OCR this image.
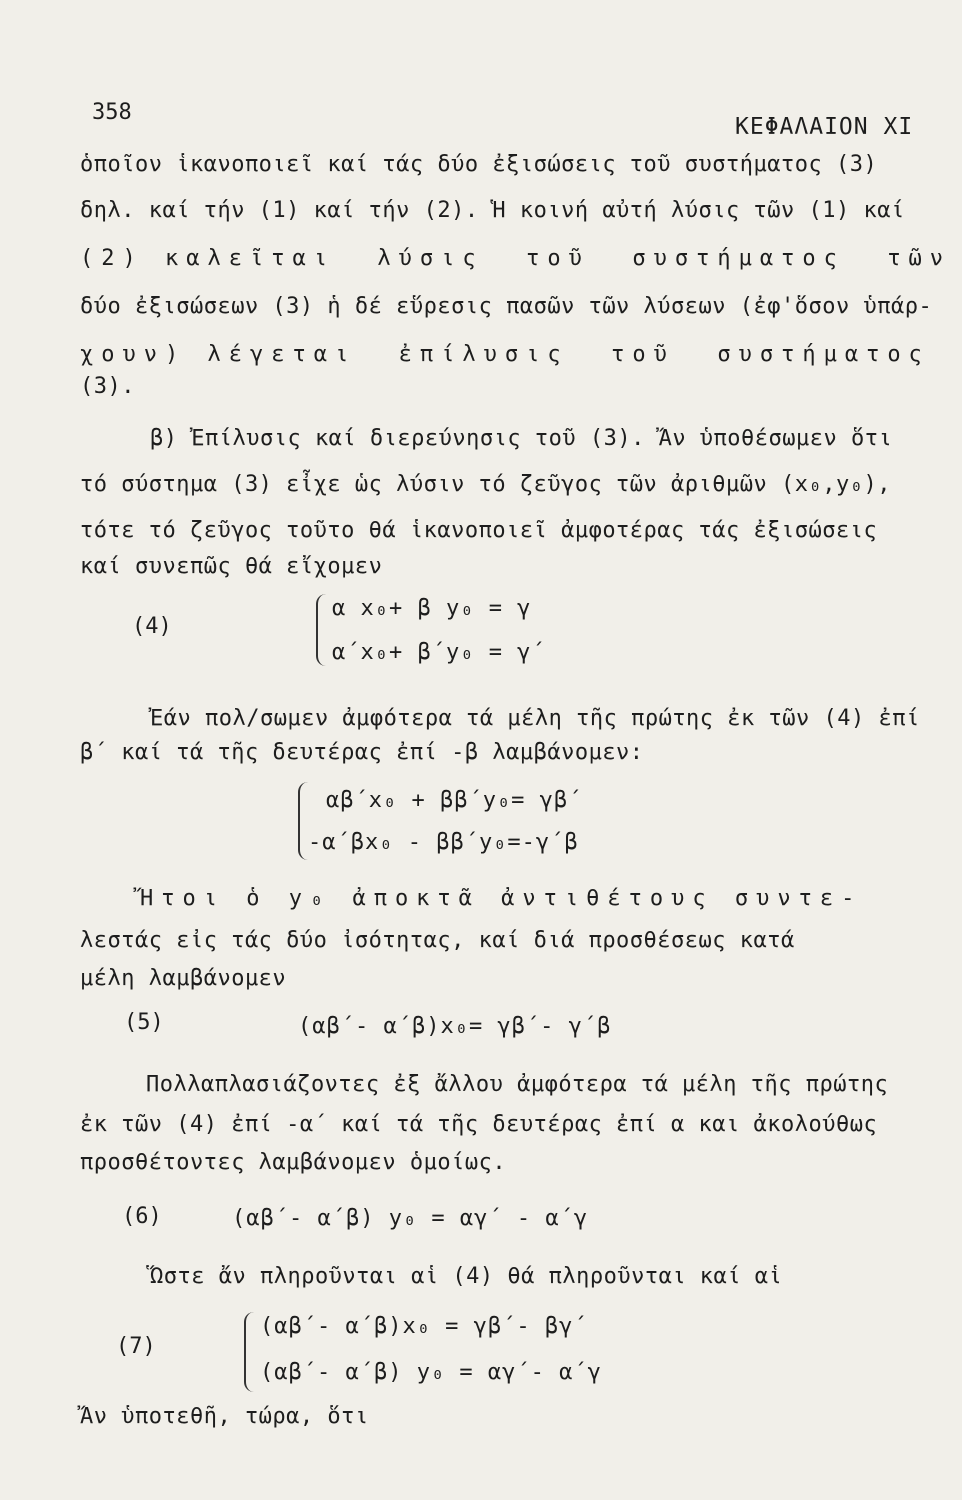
358
ΚΕΦΑΛΑΙΟΝ XI
ὁποῖον ἱκανοποιεῖ καί τάς δύο ἐξισώσεις τοῦ συστήματος (3)
δηλ. καί τήν (1) καί τήν (2). Ἡ κοινή αὐτή λύσις τῶν (1) καί
(2) καλεῖται  λύσις  τοῦ  συστήματος  τῶν
δύο ἐξισώσεων (3) ἡ δέ εὕρεσις πασῶν τῶν λύσεων (ἐφ'ὅσον ὑπάρ-
χουν) λέγεται  ἐπίλυσις  τοῦ  συστήματος
(3).
β) Ἐπίλυσις καί διερεύνησις τοῦ (3). Ἄν ὑποθέσωμεν ὅτι
τό σύστημα (3) εἶχε ὡς λύσιν τό ζεῦγος τῶν ἀριθμῶν (x₀,y₀),
τότε τό ζεῦγος τοῦτο θά ἱκανοποιεῖ ἀμφοτέρας τάς ἐξισώσεις
καί συνεπῶς θά εἴχομεν
(4)
α x₀+ β y₀ = γ
α΄x₀+ β΄y₀ = γ΄
Ἐάν πολ/σωμεν ἀμφότερα τά μέλη τῆς πρώτης ἐκ τῶν (4) ἐπί
β΄ καί τά τῆς δευτέρας ἐπί -β λαμβάνομεν:
αβ΄x₀ + ββ΄y₀= γβ΄
-α΄βx₀ - ββ΄y₀=-γ΄β
Ἤτοι ὁ y₀ ἀποκτᾶ ἀντιθέτους συντε-
λεστάς εἰς τάς δύο ἰσότητας, καί διά προσθέσεως κατά
μέλη λαμβάνομεν
(5)	(αβ΄- α΄β)x₀= γβ΄- γ΄β
Πολλαπλασιάζοντες ἐξ ἄλλου ἀμφότερα τά μέλη τῆς πρώτης
ἐκ τῶν (4) ἐπί -α΄ καί τά τῆς δευτέρας ἐπί α και ἀκολούθως
προσθέτοντες λαμβάνομεν ὁμοίως.
(6)	(αβ΄- α΄β) y₀ = αγ΄ - α΄γ
Ὥστε ἄν πληροῦνται αἱ (4) θά πληροῦνται καί αἱ
(7)
(αβ΄- α΄β)x₀ = γβ΄- βγ΄
(αβ΄- α΄β) y₀ = αγ΄- α΄γ
Ἄν ὑποτεθῆ, τώρα, ὅτι
